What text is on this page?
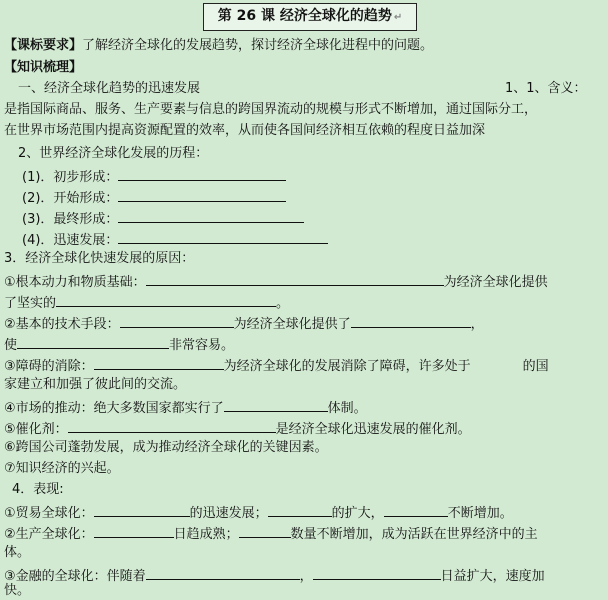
第 26 课 经济全球化的趋势 ↵
【课标要求】了解经济全球化的发展趋势，探讨经济全球化进程中的问题。
【知识梳理】
一、经济全球化趋势的迅速发展	1、1、含义：
是指国际商品、服务、生产要素与信息的跨国界流动的规模与形式不断增加，通过国际分工，
在世界市场范围内提高资源配置的效率，从而使各国间经济相互依赖的程度日益加深
2、世界经济全球化发展的历程：
(1)．初步形成：
(2)．开始形成：
(3)．最终形成：
(4)．迅速发展：
3．经济全球化快速发展的原因：
①根本动力和物质基础：	为经济全球化提供
了坚实的	。
②基本的技术手段：	为经济全球化提供了	，
使	非常容易。
③障碍的消除：	为经济全球化的发展消除了障碍，许多处于	的国
家建立和加强了彼此间的交流。
④市场的推动：绝大多数国家都实行了	体制。
⑤催化剂：	是经济全球化迅速发展的催化剂。
⑥跨国公司蓬勃发展，成为推动经济全球化的关键因素。
⑦知识经济的兴起。
4．表现:
①贸易全球化：	的迅速发展；	的扩大，	不断增加。
②生产全球化：	日趋成熟；	数量不断增加，成为活跃在世界经济中的主
体。
③金融的全球化：伴随着	，	日益扩大，速度加
快。
